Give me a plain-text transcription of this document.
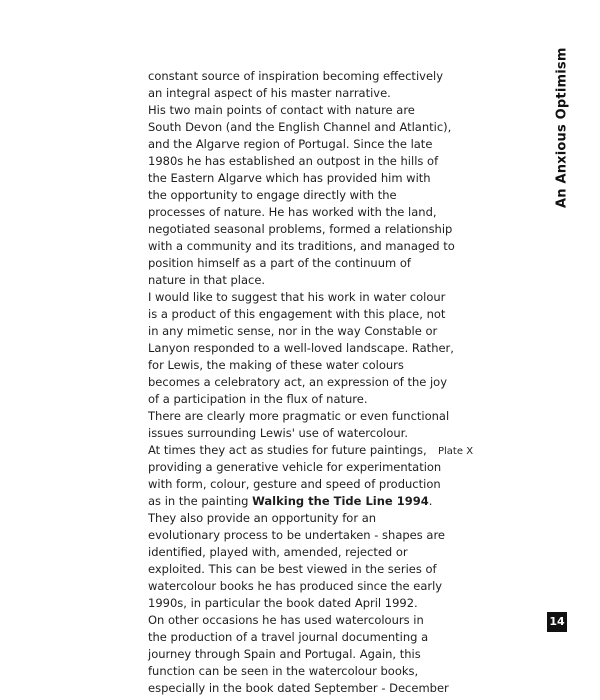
constant source of inspiration becoming effectively
an integral aspect of his master narrative.
His two main points of contact with nature are
South Devon (and the English Channel and Atlantic),
and the Algarve region of Portugal. Since the late
1980s he has established an outpost in the hills of
the Eastern Algarve which has provided him with
the opportunity to engage directly with the
processes of nature. He has worked with the land,
negotiated seasonal problems, formed a relationship
with a community and its traditions, and managed to
position himself as a part of the continuum of
nature in that place.
I would like to suggest that his work in water colour
is a product of this engagement with this place, not
in any mimetic sense, nor in the way Constable or
Lanyon responded to a well-loved landscape. Rather,
for Lewis, the making of these water colours
becomes a celebratory act, an expression of the joy
of a participation in the flux of nature.
There are clearly more pragmatic or even functional
issues surrounding Lewis' use of watercolour.
At times they act as studies for future paintings,
providing a generative vehicle for experimentation
with form, colour, gesture and speed of production
as in the painting Walking the Tide Line 1994.
They also provide an opportunity for an
evolutionary process to be undertaken - shapes are
identified, played with, amended, rejected or
exploited. This can be best viewed in the series of
watercolour books he has produced since the early
1990s, in particular the book dated April 1992.
On other occasions he has used watercolours in
the production of a travel journal documenting a
journey through Spain and Portugal. Again, this
function can be seen in the watercolour books,
especially in the book dated September - December
An Anxious Optimism
Plate X
14
